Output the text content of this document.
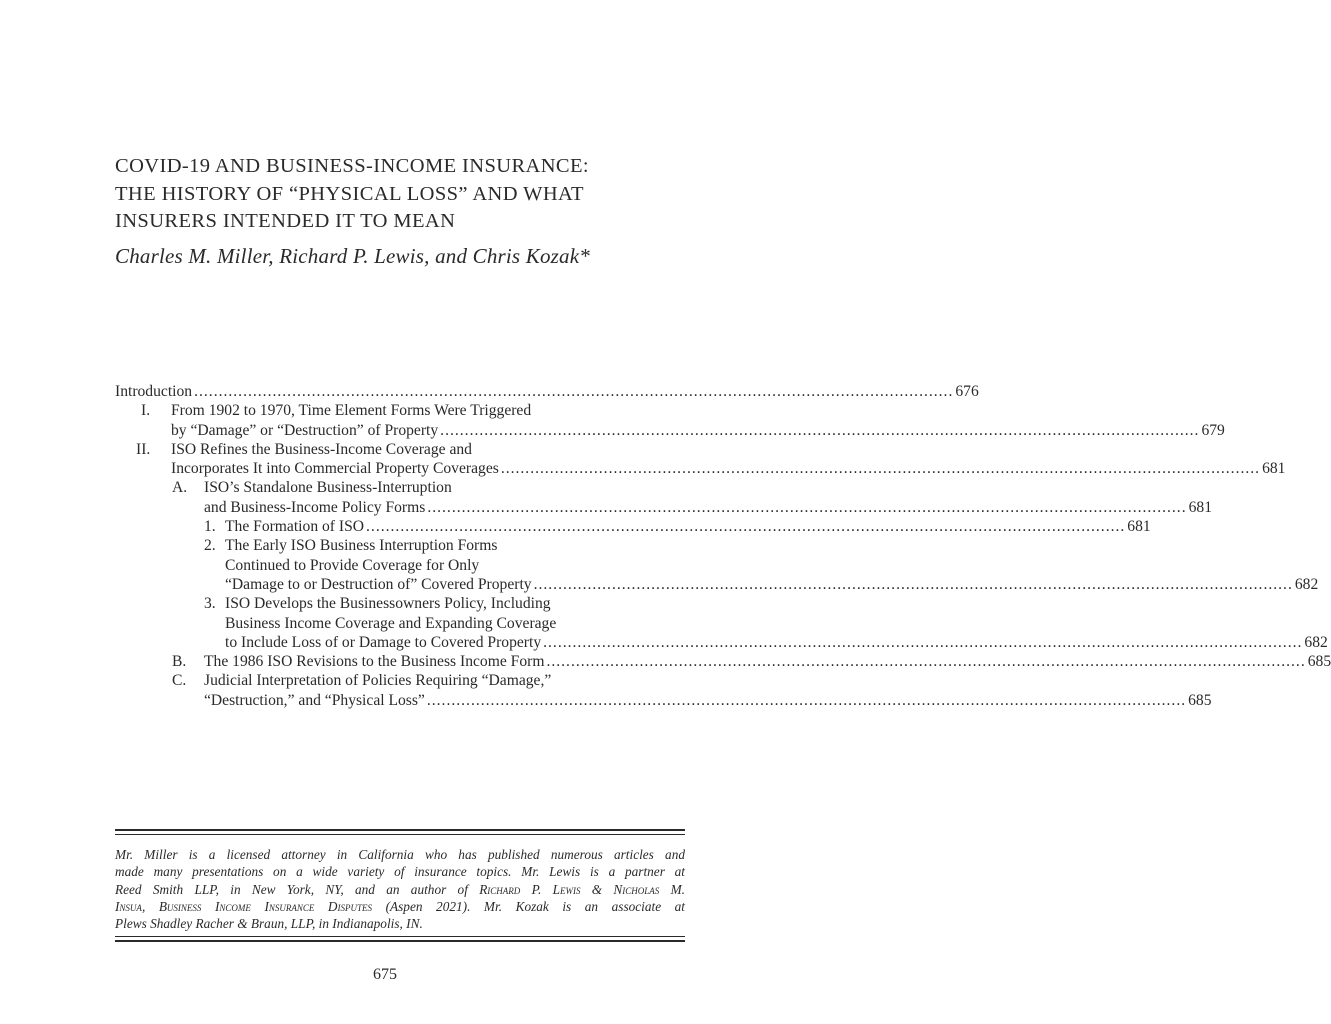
COVID-19 AND BUSINESS-INCOME INSURANCE:
THE HISTORY OF “PHYSICAL LOSS” AND WHAT
INSURERS INTENDED IT TO MEAN
Charles M. Miller, Richard P. Lewis, and Chris Kozak*
Introduction ........................................................................................................................................................... 676
I. From 1902 to 1970, Time Element Forms Were Triggered
by “Damage” or “Destruction” of Property ........................................................................................................................................................... 679
II. ISO Refines the Business-Income Coverage and
Incorporates It into Commercial Property Coverages ........................................................................................................................................................... 681
A. ISO’s Standalone Business-Interruption
and Business-Income Policy Forms ........................................................................................................................................................... 681
1. The Formation of ISO ........................................................................................................................................................... 681
2. The Early ISO Business Interruption Forms
Continued to Provide Coverage for Only
“Damage to or Destruction of” Covered Property ........................................................................................................................................................... 682
3. ISO Develops the Businessowners Policy, Including
Business Income Coverage and Expanding Coverage
to Include Loss of or Damage to Covered Property ........................................................................................................................................................... 682
B. The 1986 ISO Revisions to the Business Income Form ........................................................................................................................................................... 685
C. Judicial Interpretation of Policies Requiring “Damage,”
“Destruction,” and “Physical Loss” ........................................................................................................................................................... 685
Mr. Miller is a licensed attorney in California who has published numerous articles and
made many presentations on a wide variety of insurance topics. Mr. Lewis is a partner at
Reed Smith LLP, in New York, NY, and an author of Richard P. Lewis & Nicholas M.
Insua, Business Income Insurance Disputes (Aspen 2021). Mr. Kozak is an associate at
Plews Shadley Racher & Braun, LLP, in Indianapolis, IN.
675
